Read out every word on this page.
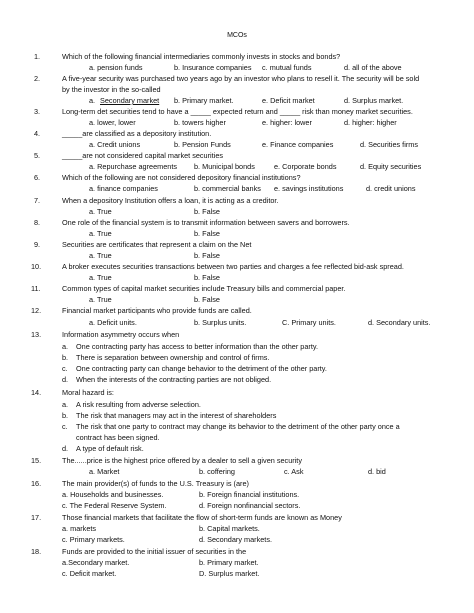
MCOs
1.	Which of the following financial intermediaries commonly invests in stocks and bonds?
a. pension funds	b. Insurance companies c. mutual funds	d. all of the above
2.	A five-year security was purchased two years ago by an investor who plans to resell it. The security will be sold
by the investor in the so-called
a. Secondary market b. Primary market.	e. Deficit market	d. Surplus market.
3.	Long-term det securities tend to have a _____ expected return and _____ risk than money market securities.
a. lower, lower	b. towers higher	e. higher: lower	d. higher: higher
4.	_____are classified as a depository institution.
a. Credit unions	b. Pension Funds	e. Finance companies	d. Securities firms
5.	_____are not considered capital market securities
a. Repurchase agreements b. Municipal bonds	e. Corporate bonds	d. Equity securities
6.	Which of the following are not considered depository financial institutions?
a. finance companies	b. commercial banks e. savings institutions	d. credit unions
7.	When a depository Institution offers a loan, it is acting as a creditor.
a. True	b. False
8.	One role of the financial system is to transmit information between savers and borrowers.
a. True	b. False
9.	Securities are certificates that represent a claim on the Net
a. True	b. False
10.	A broker executes securities transactions between two parties and charges a fee reflected bid-ask spread.
a. True	b. False
11.	Common types of capital market securities include Treasury bills and commercial paper.
a. True	b. False
12.	Financial market participants who provide funds are called.
a. Deficit units.	b. Surplus units.	C. Primary units.	d. Secondary units.
13.	Information asymmetry occurs when
a. One contracting party has access to better information than the other party.
b. There is separation between ownership and control of firms.
c. One contracting party can change behavior to the detriment of the other party.
d. When the interests of the contracting parties are not obliged.
14.	Moral hazard is:
a. A risk resulting from adverse selection.
b. The risk that managers may act in the interest of shareholders
c. The risk that one party to contract may change its behavior to the detriment of the other party once a
contract has been signed.
d. A type of default risk.
15.	The......price is the highest price offered by a dealer to sell a given security
a. Market	b. coffering	c. Ask	d. bid
16.	The main provider(s) of funds to the U.S. Treasury is (are)
a. Households and businesses.	b. Foreign financial institutions.
c. The Federal Reserve System.	d. Foreign nonfinancial sectors.
17.	Those financial markets that facilitate the flow of short-term funds are known as Money
a. markets	b. Capital markets.
c. Primary markets.	d. Secondary markets.
18.	Funds are provided to the initial issuer of securities in the
a.Secondary market.	b. Primary market.
c. Deficit market.	D. Surplus market.
